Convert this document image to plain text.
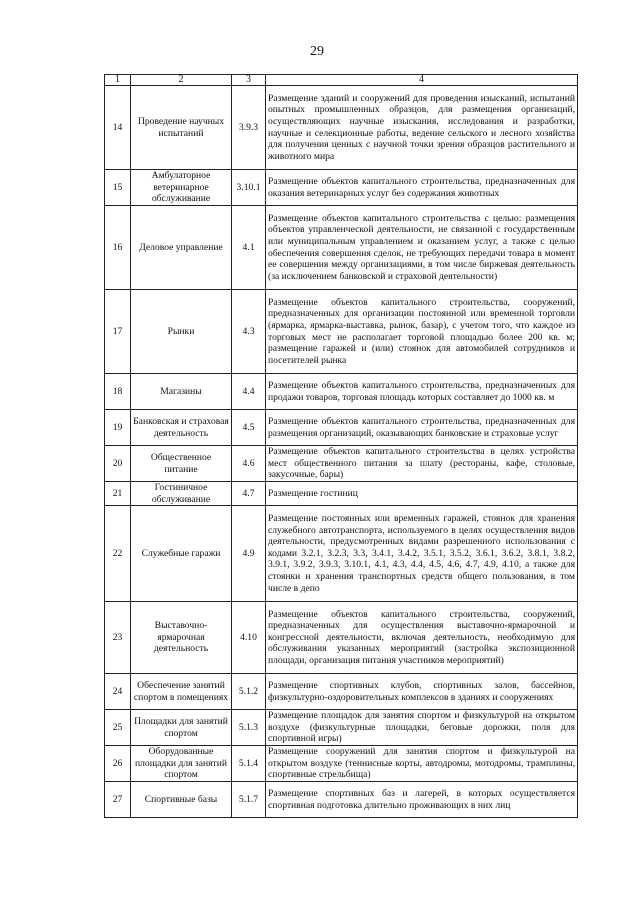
29
1	2	3	4
14	Проведение научных испытаний	3.9.3	Размещение зданий и сооружений для проведения изысканий, испытаний опытных промышленных образцов, для размещения организаций, осуществляющих научные изыскания, исследования и разработки, научные и селекционные работы, ведение сельского и лесного хозяйства для получения ценных с научной точки зрения образцов растительного и животного мира
15	Амбулаторное ветеринарное обслуживание	3.10.1	Размещение объектов капитального строительства, предназначенных для оказания ветеринарных услуг без содержания животных
16	Деловое управление	4.1	Размещение объектов капитального строительства с целью: размещения объектов управленческой деятельности, не связанной с государственным или муниципальным управлением и оказанием услуг, а также с целью обеспечения совершения сделок, не требующих передачи товара в момент ее совершения между организациями, в том числе биржевая деятельность (за исключением банковской и страховой деятельности)
17	Рынки	4.3	Размещение объектов капитального строительства, сооружений, предназначенных для организации постоянной или временной торговли (ярмарка, ярмарка-выставка, рынок, базар), с учетом того, что каждое из торговых мест не располагает торговой площадью более 200 кв. м; размещение гаражей и (или) стоянок для автомобилей сотрудников и посетителей рынка
18	Магазины	4.4	Размещение объектов капитального строительства, предназначенных для продажи товаров, торговая площадь которых составляет до 1000 кв. м
19	Банковская и страховая деятельность	4.5	Размещение объектов капитального строительства, предназначенных для размещения организаций, оказывающих банковские и страховые услуг
20	Общественное питание	4.6	Размещение объектов капитального строительства в целях устройства мест общественного питания за плату (рестораны, кафе, столовые, закусочные, бары)
21	Гостиничное обслуживание	4.7	Размещение гостиниц
22	Служебные гаражи	4.9	Размещение постоянных или временных гаражей, стоянок для хранения служебного автотранспорта, используемого в целях осуществления видов деятельности, предусмотренных видами разрешенного использования с кодами 3.2.1, 3.2.3, 3.3, 3.4.1, 3.4.2, 3.5.1, 3.5.2, 3.6.1, 3.6.2, 3.8.1, 3.8.2, 3.9.1, 3.9.2, 3.9.3, 3.10.1, 4.1, 4.3, 4.4, 4.5, 4.6, 4.7, 4.9, 4.10, а также для стоянки и хранения транспортных средств общего пользования, в том числе в депо
23	Выставочно-ярмарочная деятельность	4.10	Размещение объектов капитального строительства, сооружений, предназначенных для осуществления выставочно-ярмарочной и конгрессной деятельности, включая деятельность, необходимую для обслуживания указанных мероприятий (застройка экспозиционной площади, организация питания участников мероприятий)
24	Обеспечение занятий спортом в помещениях	5.1.2	Размещение спортивных клубов, спортивных залов, бассейнов, физкультурно-оздоровительных комплексов в зданиях и сооружениях
25	Площадки для занятий спортом	5.1.3	Размещение площадок для занятия спортом и физкультурой на открытом воздухе (физкультурные площадки, беговые дорожки, поля для спортивной игры)
26	Оборудованные площадки для занятий спортом	5.1.4	Размещение сооружений для занятия спортом и физкультурой на открытом воздухе (теннисные корты, автодромы, мотодромы, трамплины, спортивные стрельбища)
27	Спортивные базы	5.1.7	Размещение спортивных баз и лагерей, в которых осуществляется спортивная подготовка длительно проживающих в них лиц
